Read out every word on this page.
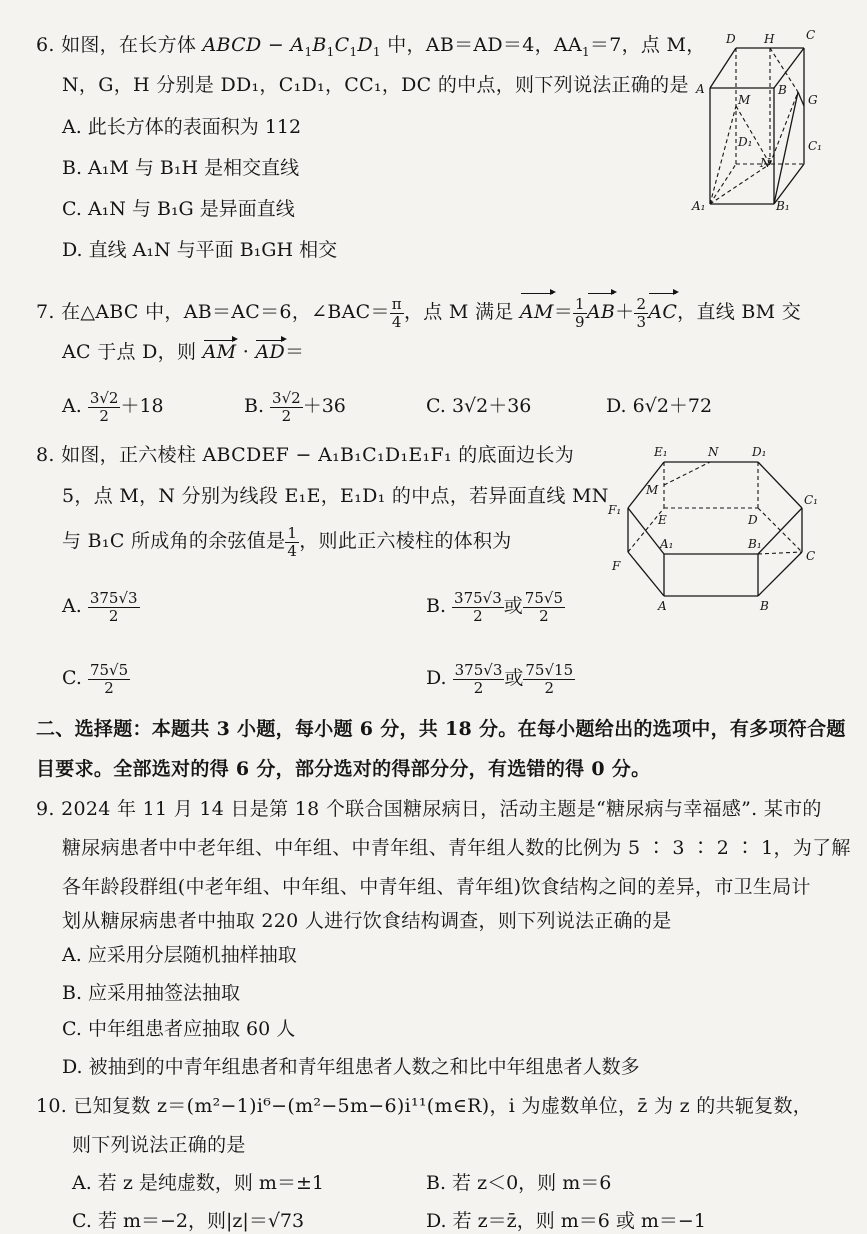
6. 如图，在长方体 ABCD − $A_1B_1C_1D_1$ 中，AB＝AD＝4，$AA_1=7$，点 M，
N，G，H 分别是 DD₁，C₁D₁，CC₁，DC 的中点，则下列说法正确的是
A. 此长方体的表面积为 112
B. A₁M 与 B₁H 是相交直线
C. A₁N 与 B₁G 是异面直线
D. 直线 A₁N 与平面 B₁GH 相交
D H	C
A
M
B
G
D₁	C₁
N
A₁	B₁
7. 在△ABC 中，AB＝AC＝6，∠BAC＝ $\frac{\pi}{4}$ ，点 M 满足 $AM= \frac{1}{9} AB+ \frac{2}{3}$ AC，直线 BM 交
AC 于点 D，则 AM · AD＝
A. $\frac{3√2}{2} +18$	B. $\frac{3√2}{2} +36$	C. 3√2＋36	D. 6√2＋72
8. 如图，正六棱柱 ABCDEF − A₁B₁C₁D₁E₁F₁ 的底面边长为
5，点 M，N 分别为线段 E₁E，E₁D₁ 的中点，若异面直线 MN
与 B₁C 所成角的余弦值是 $\frac{1}{4}$ ，则此正六棱柱的体积为
A. $\frac{375√3}{2}$	B. $\frac{375√3}{2}$ 或 $\frac{75√5}{2}$
C. $\frac{75√5}{2}$	D. $\frac{375√3}{2}$ 或 $\frac{75√15}{2}$
E₁	N	D₁
F₁
M
C₁
E	D
A₁	B₁
F
C
A	B
二、选择题：本题共 3 小题，每小题 6 分，共 18 分。在每小题给出的选项中，有多项符合题
目要求。全部选对的得 6 分，部分选对的得部分分，有选错的得 0 分。
9. 2024 年 11 月 14 日是第 18 个联合国糖尿病日，活动主题是“糖尿病与幸福感”. 某市的
糖尿病患者中中老年组、中年组、中青年组、青年组人数的比例为 5 ∶ 3 ∶ 2 ∶ 1，为了解
各年龄段群组(中老年组、中年组、中青年组、青年组)饮食结构之间的差异，市卫生局计
划从糖尿病患者中抽取 220 人进行饮食结构调查，则下列说法正确的是
A. 应采用分层随机抽样抽取
B. 应采用抽签法抽取
C. 中年组患者应抽取 60 人
D. 被抽到的中青年组患者和青年组患者人数之和比中年组患者人数多
10. 已知复数 z＝(m²−1)i⁶−(m²−5m−6)i¹¹(m∈R)，i 为虚数单位，z̄ 为 z 的共轭复数，
则下列说法正确的是
A. 若 z 是纯虚数，则 m＝±1	B. 若 z＜0，则 m＝6
C. 若 m＝−2，则|z|＝√73	D. 若 z＝z̄，则 m＝6 或 m＝−1
